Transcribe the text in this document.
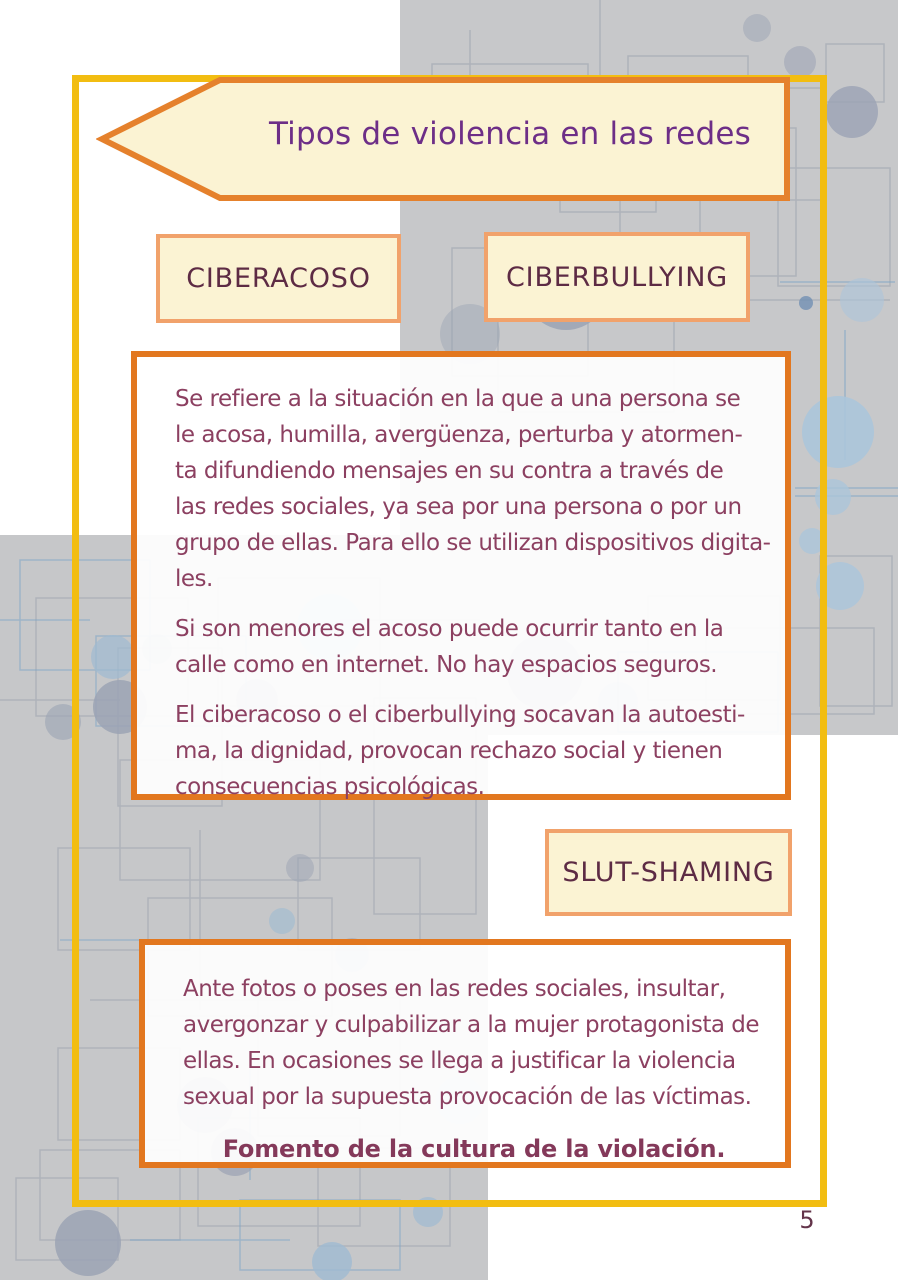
Tipos de violencia en las redes
CIBERACOSO	CIBERBULLYING
SLUT-SHAMING
Se refiere a la situación en la que a una persona se
le acosa, humilla, avergüenza, perturba y atormen-
ta difundiendo mensajes en su contra a través de
las redes sociales, ya sea por una persona o por un
grupo de ellas. Para ello se utilizan dispositivos digita-
les.
Si son menores el acoso puede ocurrir tanto en la
calle como en internet. No hay espacios seguros.
El ciberacoso o el ciberbullying socavan la autoesti-
ma, la dignidad, provocan rechazo social y tienen
consecuencias psicológicas.
Ante fotos o poses en las redes sociales, insultar,
avergonzar y culpabilizar a la mujer protagonista de
ellas. En ocasiones se llega a justificar la violencia
sexual por la supuesta provocación de las víctimas.
Fomento de la cultura de la violación.
5
